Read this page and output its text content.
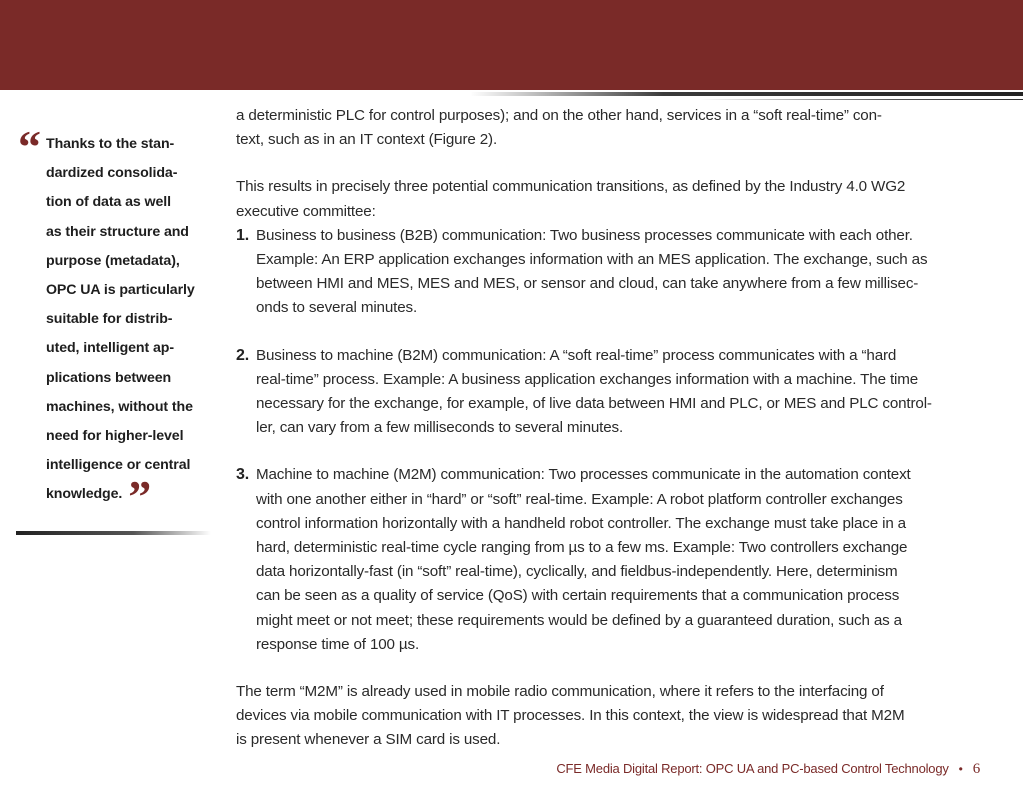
“ Thanks to the stan-
dardized consolida-
tion of data as well
as their structure and
purpose (metadata),
OPC UA is particularly
suitable for distrib-
uted, intelligent ap-
plications between
machines, without the
need for higher-level
intelligence or central
knowledge. ”

a deterministic PLC for control purposes); and on the other hand, services in a “soft real-time” con-
text, such as in an IT context (Figure 2).

This results in precisely three potential communication transitions, as defined by the Industry 4.0 WG2
executive committee:

1. Business to business (B2B) communication: Two business processes communicate with each other.
Example: An ERP application exchanges information with an MES application. The exchange, such as
between HMI and MES, MES and MES, or sensor and cloud, can take anywhere from a few millisec-
onds to several minutes.
2. Business to machine (B2M) communication: A “soft real-time” process communicates with a “hard
real-time” process. Example: A business application exchanges information with a machine. The time
necessary for the exchange, for example, of live data between HMI and PLC, or MES and PLC control-
ler, can vary from a few milliseconds to several minutes.
3. Machine to machine (M2M) communication: Two processes communicate in the automation context
with one another either in “hard” or “soft” real-time. Example: A robot platform controller exchanges
control information horizontally with a handheld robot controller. The exchange must take place in a
hard, deterministic real-time cycle ranging from µs to a few ms. Example: Two controllers exchange
data horizontally-fast (in “soft” real-time), cyclically, and fieldbus-independently. Here, determinism
can be seen as a quality of service (QoS) with certain requirements that a communication process
might meet or not meet; these requirements would be defined by a guaranteed duration, such as a
response time of 100 µs.

The term “M2M” is already used in mobile radio communication, where it refers to the interfacing of
devices via mobile communication with IT processes. In this context, the view is widespread that M2M
is present whenever a SIM card is used.

CFE Media Digital Report: OPC UA and PC-based Control Technology • 6
